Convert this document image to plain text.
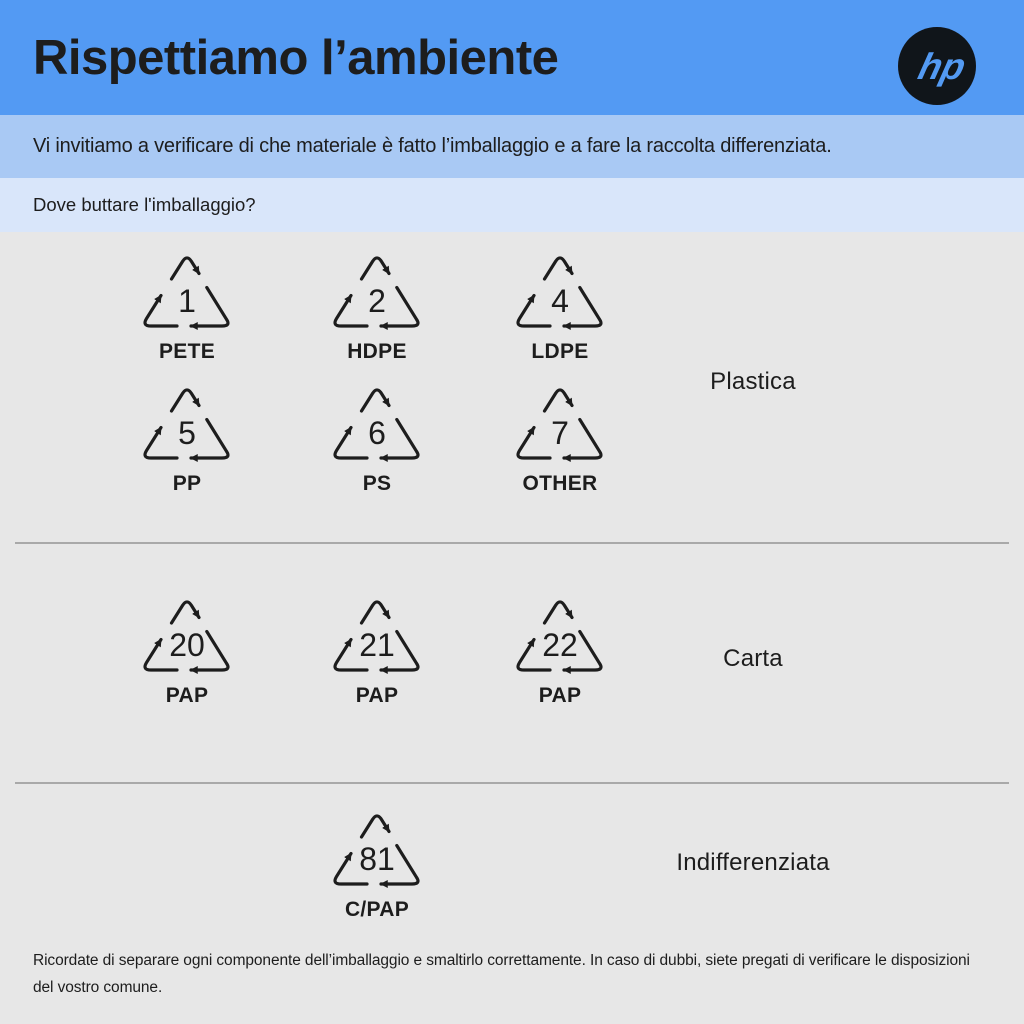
Rispettiamo l’ambiente	hp

Vi invitiamo a verificare di che materiale è fatto l’imballaggio e a fare la raccolta differenziata.

Dove buttare l'imballaggio?

1
PETE
2
HDPE
4
LDPE
5
PP
6
PS
7
OTHER
Plastica
20
PAP
21
PAP
22
PAP
Carta
81
C/PAP
Indifferenziata

Ricordate di separare ogni componente dell’imballaggio e smaltirlo correttamente. In caso di dubbi, siete pregati di verificare le disposizioni del vostro comune.
